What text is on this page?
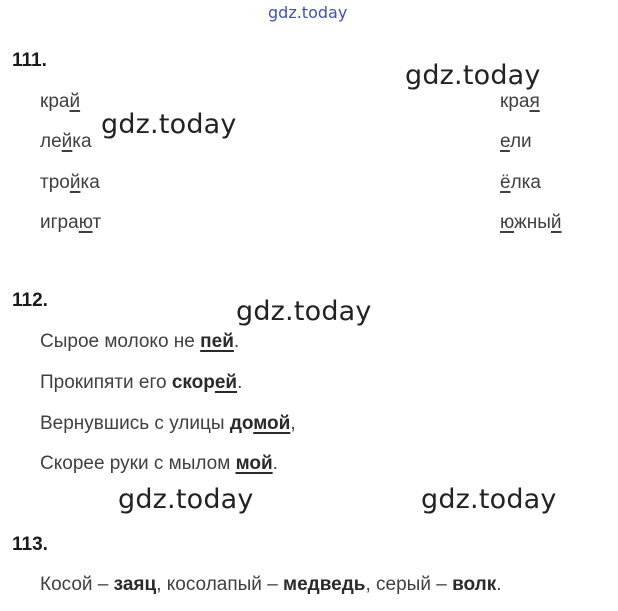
gdz.today
gdz.today
gdz.today
gdz.today
gdz.today	gdz.today
111.
край
лейка
тройка
играют
края
ели
ёлка
южный
112.
Сырое молоко не пей.
Прокипяти его скорей.
Вернувшись с улицы домой,
Скорее руки с мылом мой.
113.
Косой – заяц, косолапый – медведь, серый – волк.
